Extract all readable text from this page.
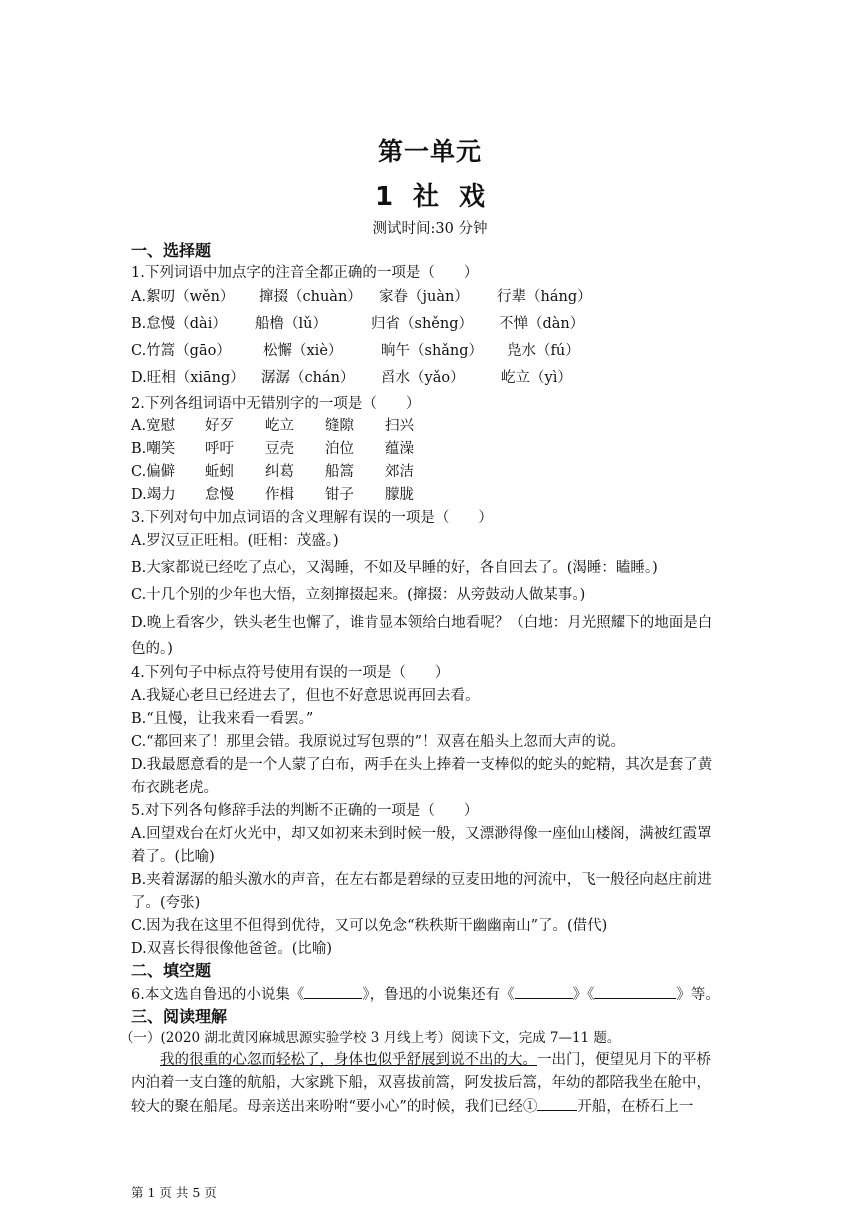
第一单元
1 社 戏
测试时间:30 分钟
一、选择题
1.下列词语中加点字的注音全都正确的一项是（　　）
A.絮叨（wěn） 撺掇（chuàn） 家眷（juàn） 行辈（háng）
B.怠慢（dài） 船橹（lǔ）	归省（shěng） 不惮（dàn）
C.竹篙（gāo） 松懈（xiè）	晌午（shǎng） 凫水（fú）
D.旺相（xiāng） 潺潺（chán） 舀水（yǎo）	屹立（yì）
2.下列各组词语中无错别字的一项是（　　）
A.宽慰 好歹 屹立 缝隙 扫兴
B.嘲笑 呼吁 豆壳 泊位 蕴澡
C.偏僻 蚯蚓 纠葛 船篙 郊洁
D.竭力 怠慢 作楫 钳子 朦胧
3.下列对句中加点词语的含义理解有误的一项是（　　）
A.罗汉豆正旺相。(旺相：茂盛。)
B.大家都说已经吃了点心，又渴睡，不如及早睡的好，各自回去了。(渴睡：瞌睡。)
C.十几个别的少年也大悟，立刻撺掇起来。(撺掇：从旁鼓动人做某事。)
D.晚上看客少，铁头老生也懈了，谁肯显本领给白地看呢？（白地：月光照耀下的地面是白
色的。)
4.下列句子中标点符号使用有误的一项是（　　）
A.我疑心老旦已经进去了，但也不好意思说再回去看。
B.“且慢，让我来看一看罢。”
C.“都回来了！那里会错。我原说过写包票的”！双喜在船头上忽而大声的说。
D.我最愿意看的是一个人蒙了白布，两手在头上捧着一支棒似的蛇头的蛇精，其次是套了黄
布衣跳老虎。
5.对下列各句修辞手法的判断不正确的一项是（　　）
A.回望戏台在灯火光中，却又如初来未到时候一般，又漂渺得像一座仙山楼阁，满被红霞罩
着了。(比喻)
B.夹着潺潺的船头激水的声音，在左右都是碧绿的豆麦田地的河流中，飞一般径向赵庄前进
了。(夸张)
C.因为我在这里不但得到优待，又可以免念“秩秩斯干幽幽南山”了。(借代)
D.双喜长得很像他爸爸。(比喻)
二、填空题
6.本文选自鲁迅的小说集《	》，鲁迅的小说集还有《	》《	》等。
三、阅读理解
（一）(2020 湖北黄冈麻城思源实验学校 3 月线上考）阅读下文，完成 7—11 题。
我的很重的心忽而轻松了，身体也似乎舒展到说不出的大。一出门，便望见月下的平桥
内泊着一支白篷的航船，大家跳下船，双喜拔前篙，阿发拔后篙，年幼的都陪我坐在舱中，
较大的聚在船尾。母亲送出来吩咐“要小心”的时候，我们已经①	开船，在桥石上一
第 1 页 共 5 页
